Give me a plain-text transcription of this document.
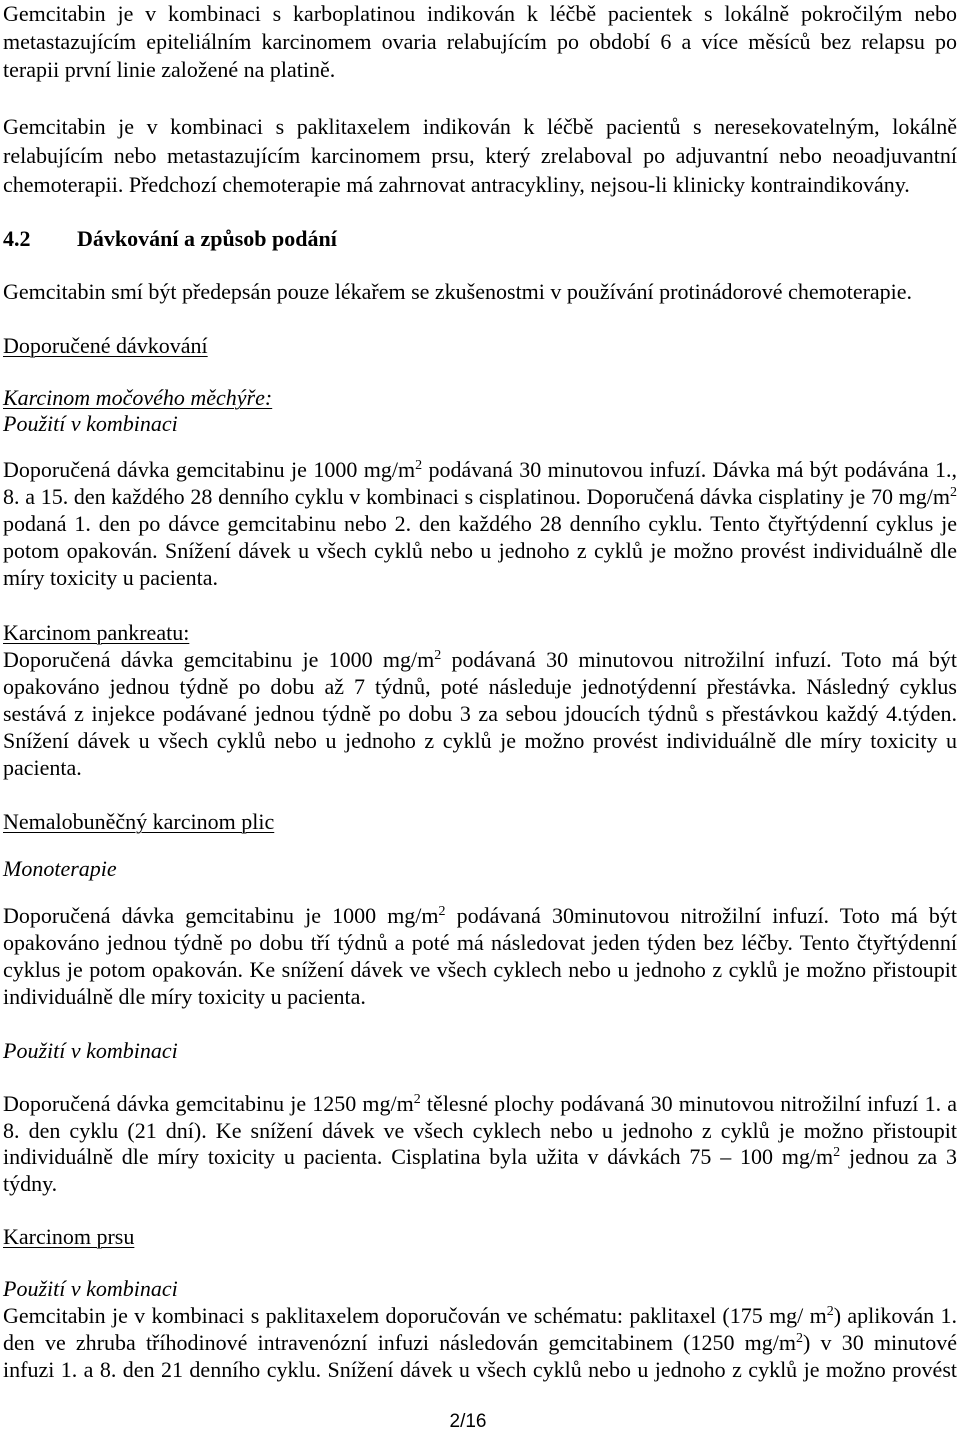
Gemcitabin je v kombinaci s karboplatinou indikován k léčbě pacientek s lokálně pokročilým nebo metastazujícím epiteliálním karcinomem ovaria relabujícím po období 6 a více měsíců bez relapsu po terapii první linie založené na platině.

Gemcitabin je v kombinaci s paklitaxelem indikován k léčbě pacientů s neresekovatelným, lokálně relabujícím nebo metastazujícím karcinomem prsu, který zrelaboval po adjuvantní nebo neoadjuvantní chemoterapii. Předchozí chemoterapie má zahrnovat antracykliny, nejsou-li klinicky kontraindikovány.

4.2 Dávkování a způsob podání

Gemcitabin smí být předepsán pouze lékařem se zkušenostmi v používání protinádorové chemoterapie.

Doporučené dávkování

Karcinom močového měchýře:

Použití v kombinaci

Doporučená dávka gemcitabinu je 1000 $mg/m^2$ podávaná 30 minutovou infuzí. Dávka má být podávána 1., 8. a 15. den každého 28 denního cyklu v kombinaci s cisplatinou. Doporučená dávka cisplatiny je 70 $mg/m^2$ podaná 1. den po dávce gemcitabinu nebo 2. den každého 28 denního cyklu. Tento čtyřtýdenní cyklus je potom opakován. Snížení dávek u všech cyklů nebo u jednoho z cyklů je možno provést individuálně dle míry toxicity u pacienta.

Karcinom pankreatu:

Doporučená dávka gemcitabinu je 1000 $mg/m^2$ podávaná 30 minutovou nitrožilní infuzí. Toto má být opakováno jednou týdně po dobu až 7 týdnů, poté následuje jednotýdenní přestávka. Následný cyklus sestává z injekce podávané jednou týdně po dobu 3 za sebou jdoucích týdnů s přestávkou každý 4.týden. Snížení dávek u všech cyklů nebo u jednoho z cyklů je možno provést individuálně dle míry toxicity u pacienta.

Nemalobuněčný karcinom plic

Monoterapie

Doporučená dávka gemcitabinu je 1000 $mg/m^2$ podávaná 30minutovou nitrožilní infuzí. Toto má být opakováno jednou týdně po dobu tří týdnů a poté má následovat jeden týden bez léčby. Tento čtyřtýdenní cyklus je potom opakován. Ke snížení dávek ve všech cyklech nebo u jednoho z cyklů je možno přistoupit individuálně dle míry toxicity u pacienta.

Použití v kombinaci

Doporučená dávka gemcitabinu je 1250 $mg/m^2$ tělesné plochy podávaná 30 minutovou nitrožilní infuzí 1. a 8. den cyklu (21 dní). Ke snížení dávek ve všech cyklech nebo u jednoho z cyklů je možno přistoupit individuálně dle míry toxicity u pacienta. Cisplatina byla užita v dávkách 75 – 100 $mg/m^2$ jednou za 3 týdny.

Karcinom prsu

Použití v kombinaci

Gemcitabin je v kombinaci s paklitaxelem doporučován ve schématu: paklitaxel (175 mg/ $m^2$) aplikován 1. den ve zhruba tříhodinové intravenózní infuzi následován gemcitabinem (1250 $mg/m^2$) v 30 minutové infuzi 1. a 8. den 21 denního cyklu. Snížení dávek u všech cyklů nebo u jednoho z cyklů je možno provést

2/16
